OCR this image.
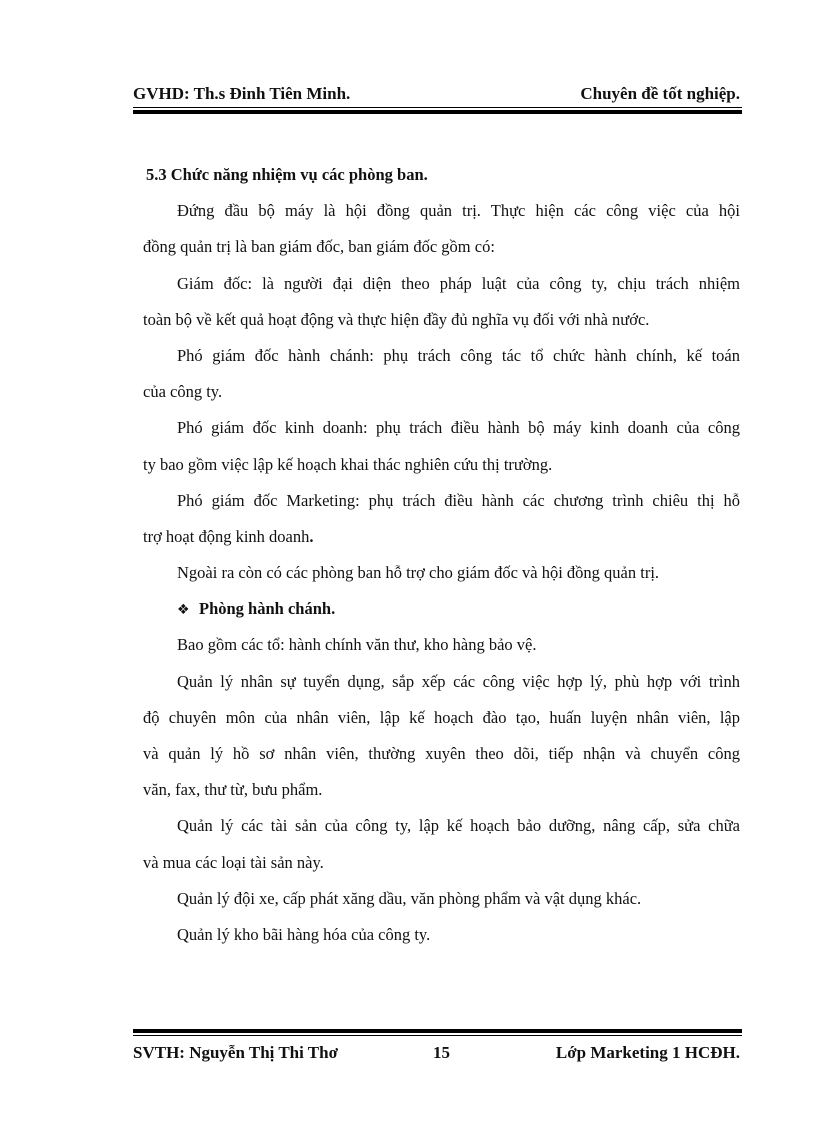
GVHD: Th.s Đinh Tiên Minh.	Chuyên đề tốt nghiệp.
5.3 Chức năng nhiệm vụ các phòng ban.
Đứng đầu bộ máy là hội đồng quản trị. Thực hiện các công việc của hội
đồng quản trị là ban giám đốc, ban giám đốc gồm có:
Giám đốc: là người đại diện theo pháp luật của công ty, chịu trách nhiệm
toàn bộ về kết quả hoạt động và thực hiện đầy đủ nghĩa vụ đối với nhà nước.
Phó giám đốc hành chánh: phụ trách công tác tổ chức hành chính, kế toán
của công ty.
Phó giám đốc kinh doanh: phụ trách điều hành bộ máy kinh doanh của công
ty bao gồm việc lập kế hoạch khai thác nghiên cứu thị trường.
Phó giám đốc Marketing: phụ trách điều hành các chương trình chiêu thị hỗ
trợ hoạt động kinh doanh.
Ngoài ra còn có các phòng ban hỗ trợ cho giám đốc và hội đồng quản trị.
❖ Phòng hành chánh.
Bao gồm các tổ: hành chính văn thư, kho hàng bảo vệ.
Quản lý nhân sự tuyển dụng, sắp xếp các công việc hợp lý, phù hợp với trình
độ chuyên môn của nhân viên, lập kế hoạch đào tạo, huấn luyện nhân viên, lập
và quản lý hồ sơ nhân viên, thường xuyên theo dõi, tiếp nhận và chuyển công
văn, fax, thư từ, bưu phẩm.
Quản lý các tài sản của công ty, lập kế hoạch bảo dưỡng, nâng cấp, sửa chữa
và mua các loại tài sản này.
Quản lý đội xe, cấp phát xăng dầu, văn phòng phẩm và vật dụng khác.
Quản lý kho bãi hàng hóa của công ty.
SVTH: Nguyễn Thị Thi Thơ	15	Lớp Marketing 1 HCĐH.
